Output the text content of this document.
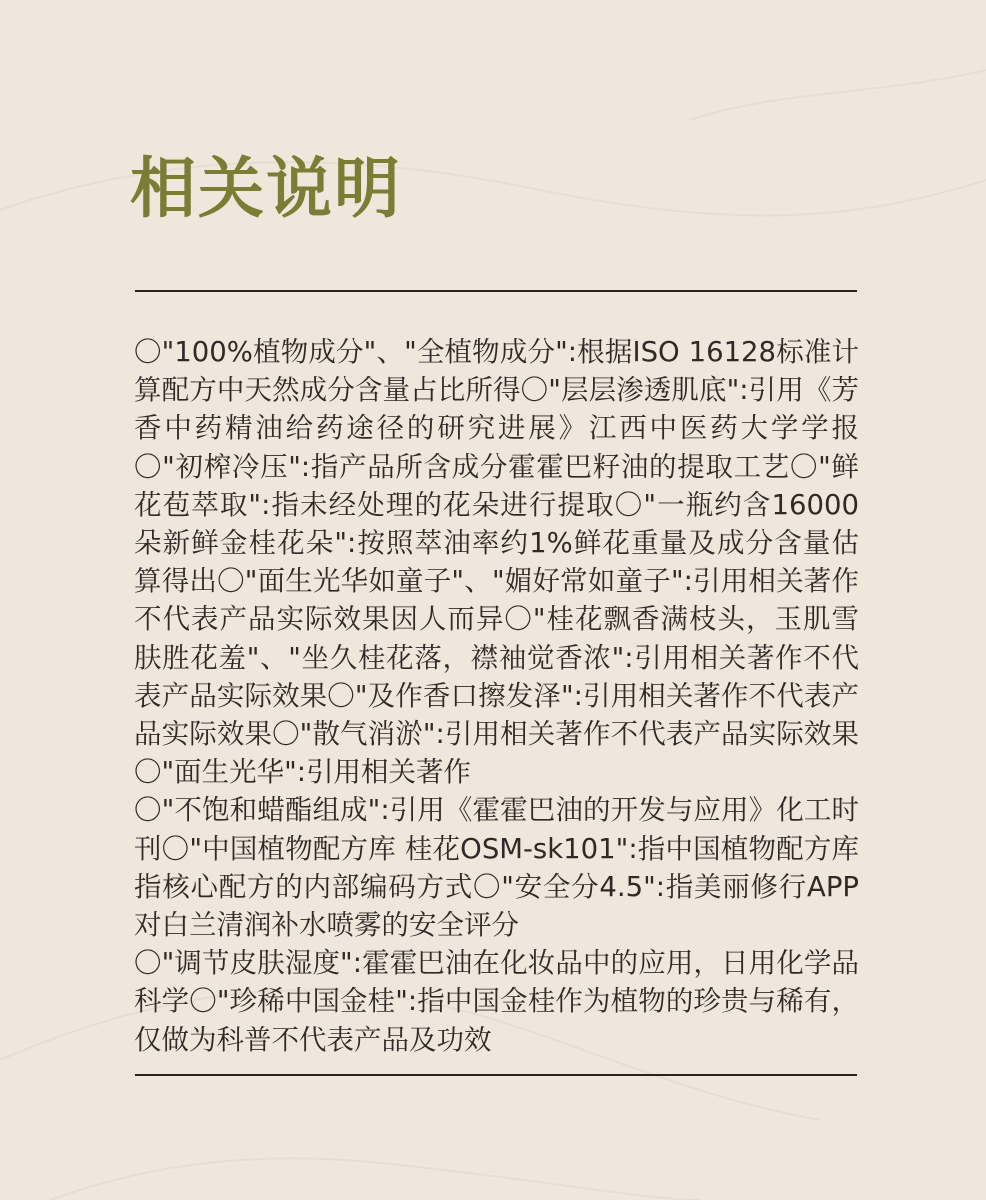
相关说明
〇"100%植物成分"、"全植物成分":根据ISO 16128标准计算配方中天然成分含量占比所得〇"层层渗透肌底":引用《芳香中药精油给药途径的研究进展》江西中医药大学学报〇"初榨冷压":指产品所含成分霍霍巴籽油的提取工艺〇"鲜花苞萃取":指未经处理的花朵进行提取〇"一瓶约含16000朵新鲜金桂花朵":按照萃油率约1%鲜花重量及成分含量估算得出〇"面生光华如童子"、"媚好常如童子":引用相关著作不代表产品实际效果因人而异〇"桂花飘香满枝头，玉肌雪肤胜花羞"、"坐久桂花落，襟袖觉香浓":引用相关著作不代表产品实际效果〇"及作香口擦发泽":引用相关著作不代表产品实际效果〇"散气消淤":引用相关著作不代表产品实际效果〇"面生光华":引用相关著作
〇"不饱和蜡酯组成":引用《霍霍巴油的开发与应用》化工时刊〇"中国植物配方库 桂花OSM-sk101":指中国植物配方库指核心配方的内部编码方式〇"安全分4.5":指美丽修行APP对白兰清润补水喷雾的安全评分
〇"调节皮肤湿度":霍霍巴油在化妆品中的应用，日用化学品科学〇"珍稀中国金桂":指中国金桂作为植物的珍贵与稀有，仅做为科普不代表产品及功效
